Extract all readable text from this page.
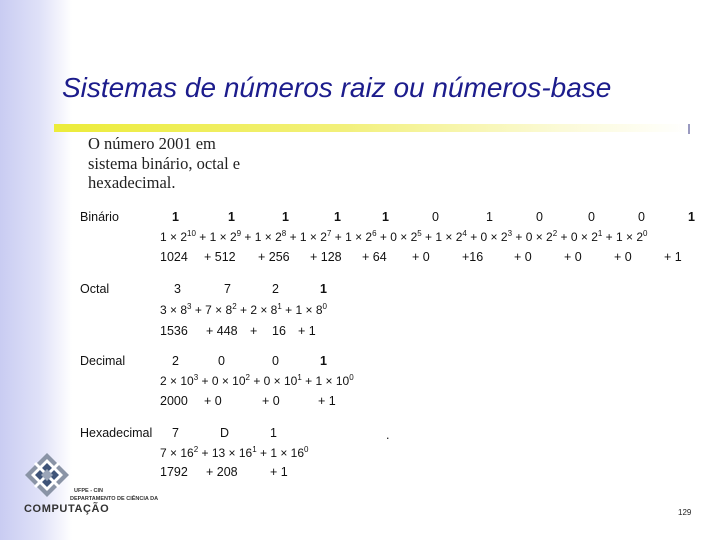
Sistemas de números raiz ou números-base
O número 2001 em
sistema binário, octal e
hexadecimal.
Binário	1	1	1	1	1	0	1	0	0	0	1
$1 \times 2^{10} + 1 \times 2^9 + 1 \times 2^8 + 1 \times 2^7 + 1 \times 2^6 + 0 \times 2^5 + 1 \times 2^4 + 0 \times 2^3 + 0 \times 2^2 + 0 \times 2^1 + 1 \times 2^0$
1024 + 512 + 256 + 128 + 64 + 0	+16 + 0	+ 0	+ 0	+ 1
Octal	3	7	2	1
$3 \times 8^3 + 7 \times 8^2 + 2 \times 8^1 + 1 \times 8^0$
1536 + 448 + 16 + 1
Decimal	2	0	0	1
$2 \times 10^3 + 0 \times 10^2 + 0 \times 10^1 + 1 \times 10^0$
2000 + 0	+ 0	+ 1
Hexadecimal 7	D	1	.
$7 \times 16^2 + 13 \times 16^1 + 1 \times 16^0$
1792 + 208	+ 1
UFPE - CIN
DEPARTAMENTO DE CIÊNCIA DA
COMPUTAÇÃO	129
